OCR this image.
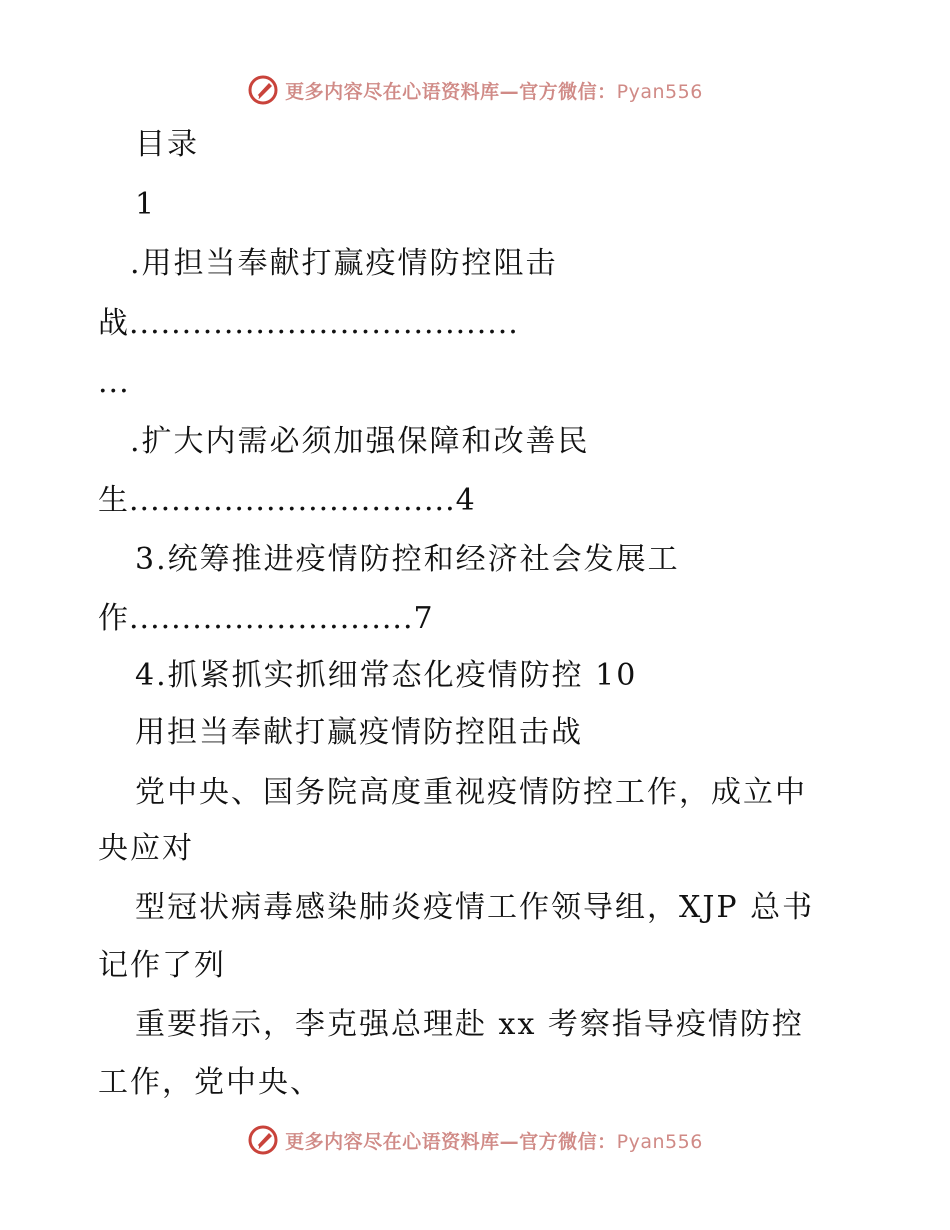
更多内容尽在心语资料库—官方微信：Pyan556
目录
1
.用担当奉献打赢疫情防控阻击
战.....................................
...
.扩大内需必须加强保障和改善民
生...............................4
3.统筹推进疫情防控和经济社会发展工
作...........................7
4.抓紧抓实抓细常态化疫情防控 10
用担当奉献打赢疫情防控阻击战
党中央、国务院高度重视疫情防控工作，成立中
央应对
型冠状病毒感染肺炎疫情工作领导组，XJP 总书
记作了列
重要指示，李克强总理赴 xx 考察指导疫情防控
工作，党中央、
更多内容尽在心语资料库—官方微信：Pyan556
